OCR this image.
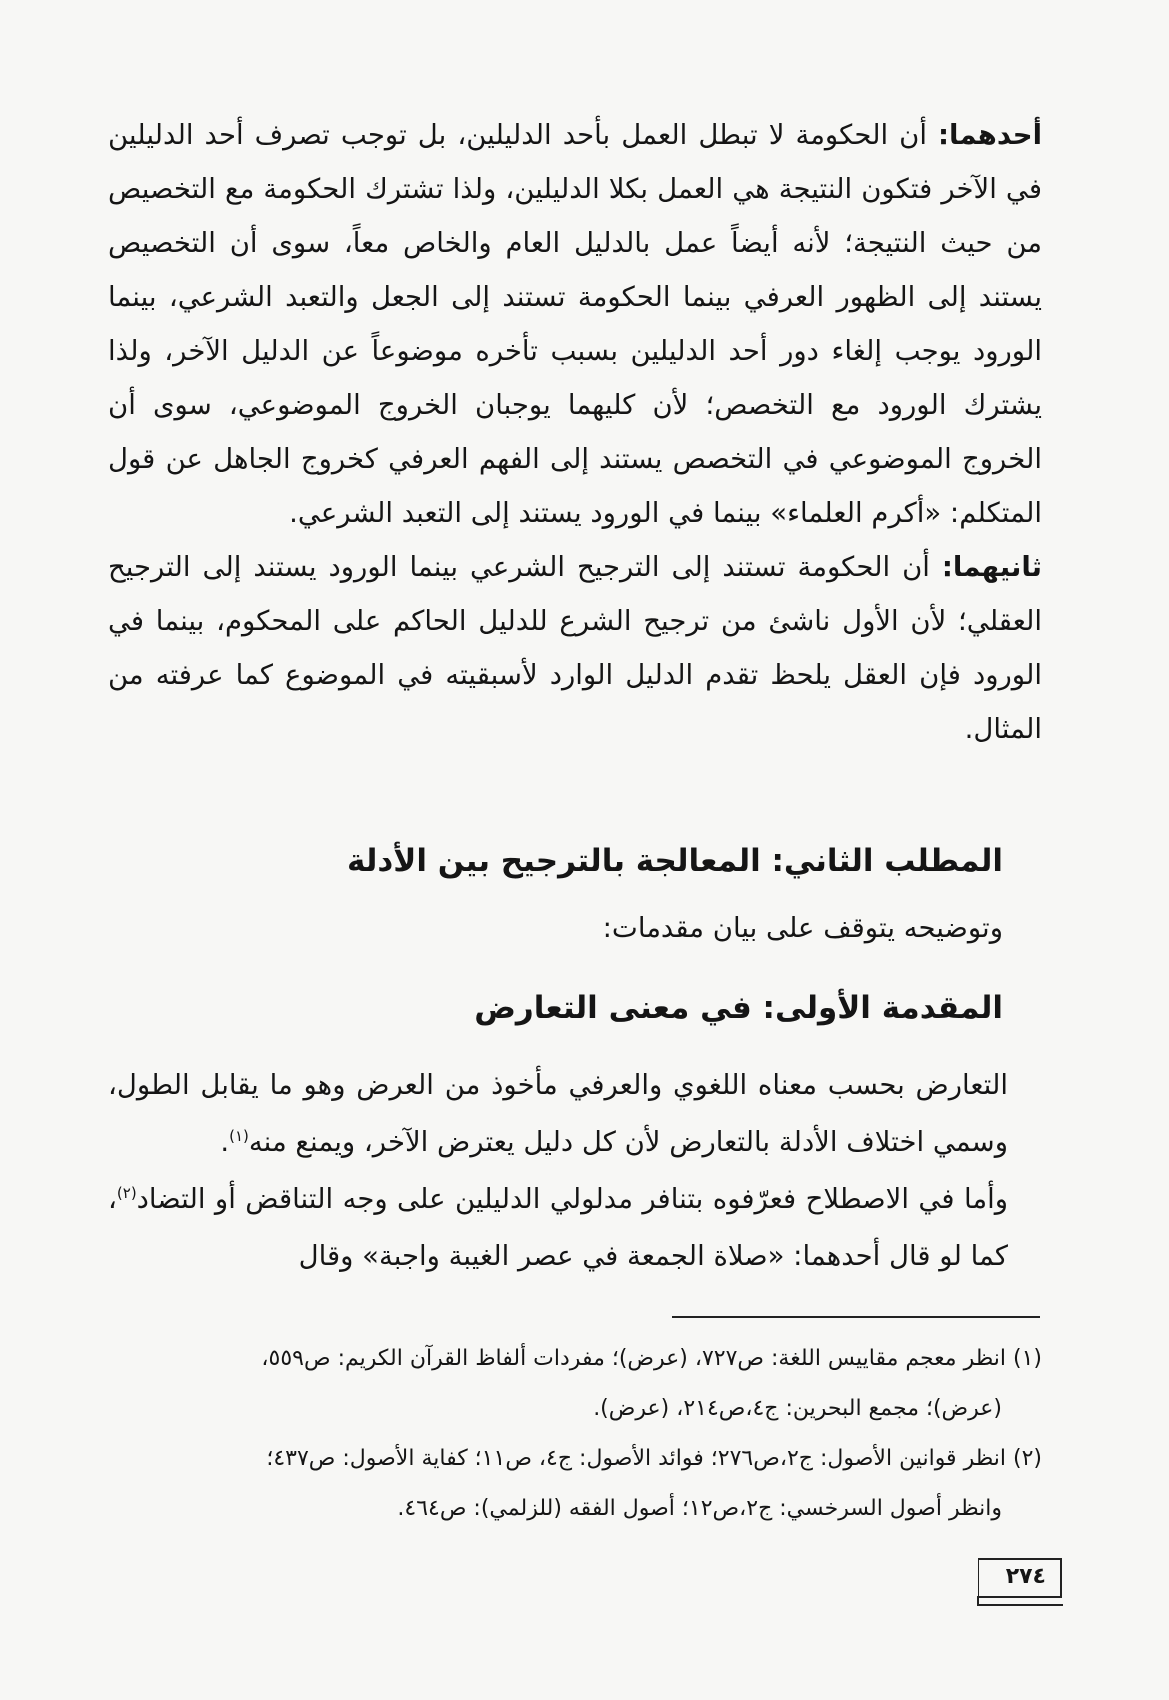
أحدهما: أن الحكومة لا تبطل العمل بأحد الدليلين، بل توجب تصرف أحد الدليلين في الآخر فتكون النتيجة هي العمل بكلا الدليلين، ولذا تشترك الحكومة مع التخصيص من حيث النتيجة؛ لأنه أيضاً عمل بالدليل العام والخاص معاً، سوى أن التخصيص يستند إلى الظهور العرفي بينما الحكومة تستند إلى الجعل والتعبد الشرعي، بينما الورود يوجب إلغاء دور أحد الدليلين بسبب تأخره موضوعاً عن الدليل الآخر، ولذا يشترك الورود مع التخصص؛ لأن كليهما يوجبان الخروج الموضوعي، سوى أن الخروج الموضوعي في التخصص يستند إلى الفهم العرفي كخروج الجاهل عن قول المتكلم: «أكرم العلماء» بينما في الورود يستند إلى التعبد الشرعي.

ثانيهما: أن الحكومة تستند إلى الترجيح الشرعي بينما الورود يستند إلى الترجيح العقلي؛ لأن الأول ناشئ من ترجيح الشرع للدليل الحاكم على المحكوم، بينما في الورود فإن العقل يلحظ تقدم الدليل الوارد لأسبقيته في الموضوع كما عرفته من المثال.

المطلب الثاني: المعالجة بالترجيح بين الأدلة
وتوضيحه يتوقف على بيان مقدمات:
المقدمة الأولى: في معنى التعارض

التعارض بحسب معناه اللغوي والعرفي مأخوذ من العرض وهو ما يقابل الطول، وسمي اختلاف الأدلة بالتعارض لأن كل دليل يعترض الآخر، ويمنع منه$^{(١)}$.

وأما في الاصطلاح فعرّفوه بتنافر مدلولي الدليلين على وجه التناقض أو التضاد$^{(٢)}$، كما لو قال أحدهما: «صلاة الجمعة في عصر الغيبة واجبة» وقال

(١) انظر معجم مقاييس اللغة: ص٧٢٧، (عرض)؛ مفردات ألفاظ القرآن الكريم: ص٥٥٩،

(عرض)؛ مجمع البحرين: ج٤،ص٢١٤، (عرض).

(٢) انظر قوانين الأصول: ج٢،ص٢٧٦؛ فوائد الأصول: ج٤، ص١١؛ كفاية الأصول: ص٤٣٧؛

وانظر أصول السرخسي: ج٢،ص١٢؛ أصول الفقه (للزلمي): ص٤٦٤.

٢٧٤
